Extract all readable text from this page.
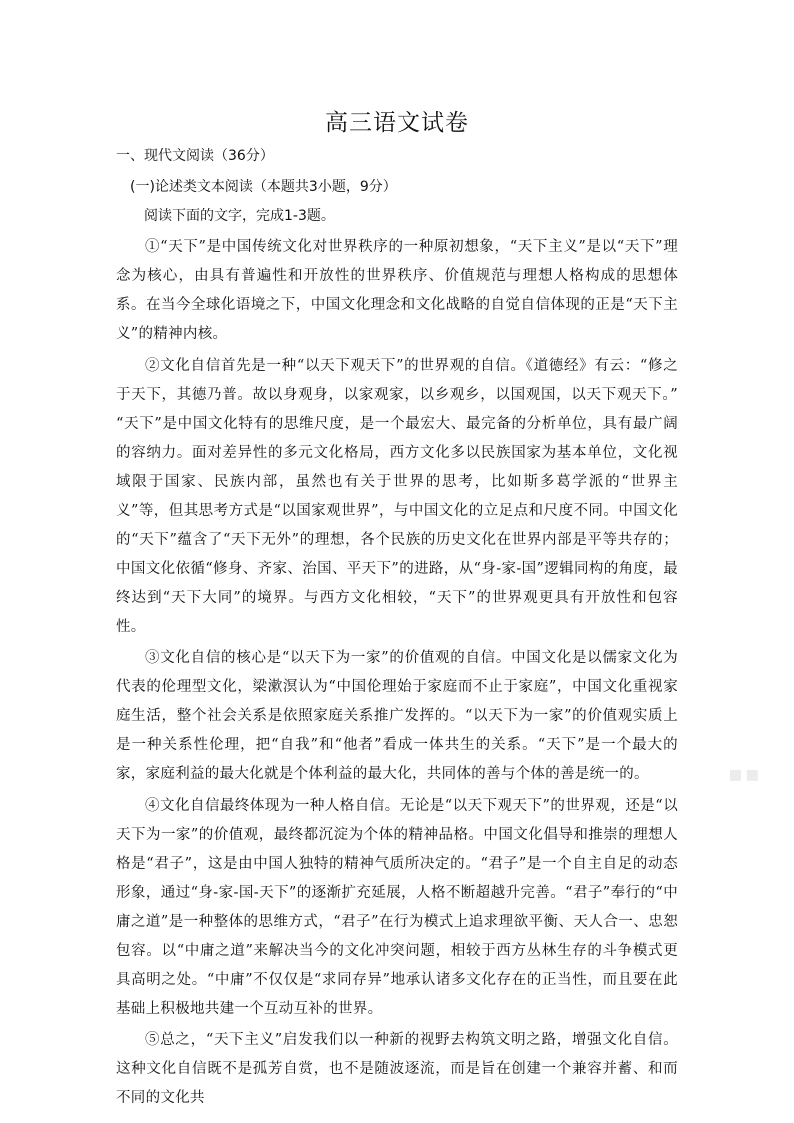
高三语文试卷
一、现代文阅读（36分）
(一)论述类文本阅读（本题共3小题，9分）
阅读下面的文字，完成1-3题。

①“天下”是中国传统文化对世界秩序的一种原初想象，“天下主义”是以“天下”理念为核心，由具有普遍性和开放性的世界秩序、价值规范与理想人格构成的思想体系。在当今全球化语境之下，中国文化理念和文化战略的自觉自信体现的正是“天下主义”的精神内核。

②文化自信首先是一种“以天下观天下”的世界观的自信。《道德经》有云：“修之于天下，其德乃普。故以身观身，以家观家，以乡观乡，以国观国，以天下观天下。” “天下”是中国文化特有的思维尺度，是一个最宏大、最完备的分析单位，具有最广阔的容纳力。面对差异性的多元文化格局，西方文化多以民族国家为基本单位，文化视域限于国家、民族内部，虽然也有关于世界的思考，比如斯多葛学派的“世界主义”等，但其思考方式是“以国家观世界”，与中国文化的立足点和尺度不同。中国文化的“天下”蕴含了“天下无外”的理想，各个民族的历史文化在世界内部是平等共存的；中国文化依循“修身、齐家、治国、平天下”的进路，从“身-家-国”逻辑同构的角度，最终达到“天下大同”的境界。与西方文化相较，“天下”的世界观更具有开放性和包容性。

③文化自信的核心是“以天下为一家”的价值观的自信。中国文化是以儒家文化为代表的伦理型文化，梁漱溟认为“中国伦理始于家庭而不止于家庭”，中国文化重视家庭生活，整个社会关系是依照家庭关系推广发挥的。“以天下为一家”的价值观实质上是一种关系性伦理，把“自我”和“他者”看成一体共生的关系。“天下”是一个最大的家，家庭利益的最大化就是个体利益的最大化，共同体的善与个体的善是统一的。

④文化自信最终体现为一种人格自信。无论是“以天下观天下”的世界观，还是“以天下为一家”的价值观，最终都沉淀为个体的精神品格。中国文化倡导和推崇的理想人格是“君子”，这是由中国人独特的精神气质所决定的。“君子”是一个自主自足的动态形象，通过“身-家-国-天下”的逐渐扩充延展，人格不断超越升完善。“君子”奉行的“中庸之道”是一种整体的思维方式，“君子”在行为模式上追求理欲平衡、天人合一、忠恕包容。以“中庸之道”来解决当今的文化冲突问题，相较于西方丛林生存的斗争模式更具高明之处。“中庸”不仅仅是“求同存异”地承认诸多文化存在的正当性，而且要在此基础上积极地共建一个互动互补的世界。

⑤总之，“天下主义”启发我们以一种新的视野去构筑文明之路，增强文化自信。这种文化自信既不是孤芳自赏，也不是随波逐流，而是旨在创建一个兼容并蓄、和而不同的文化共

▪▪
